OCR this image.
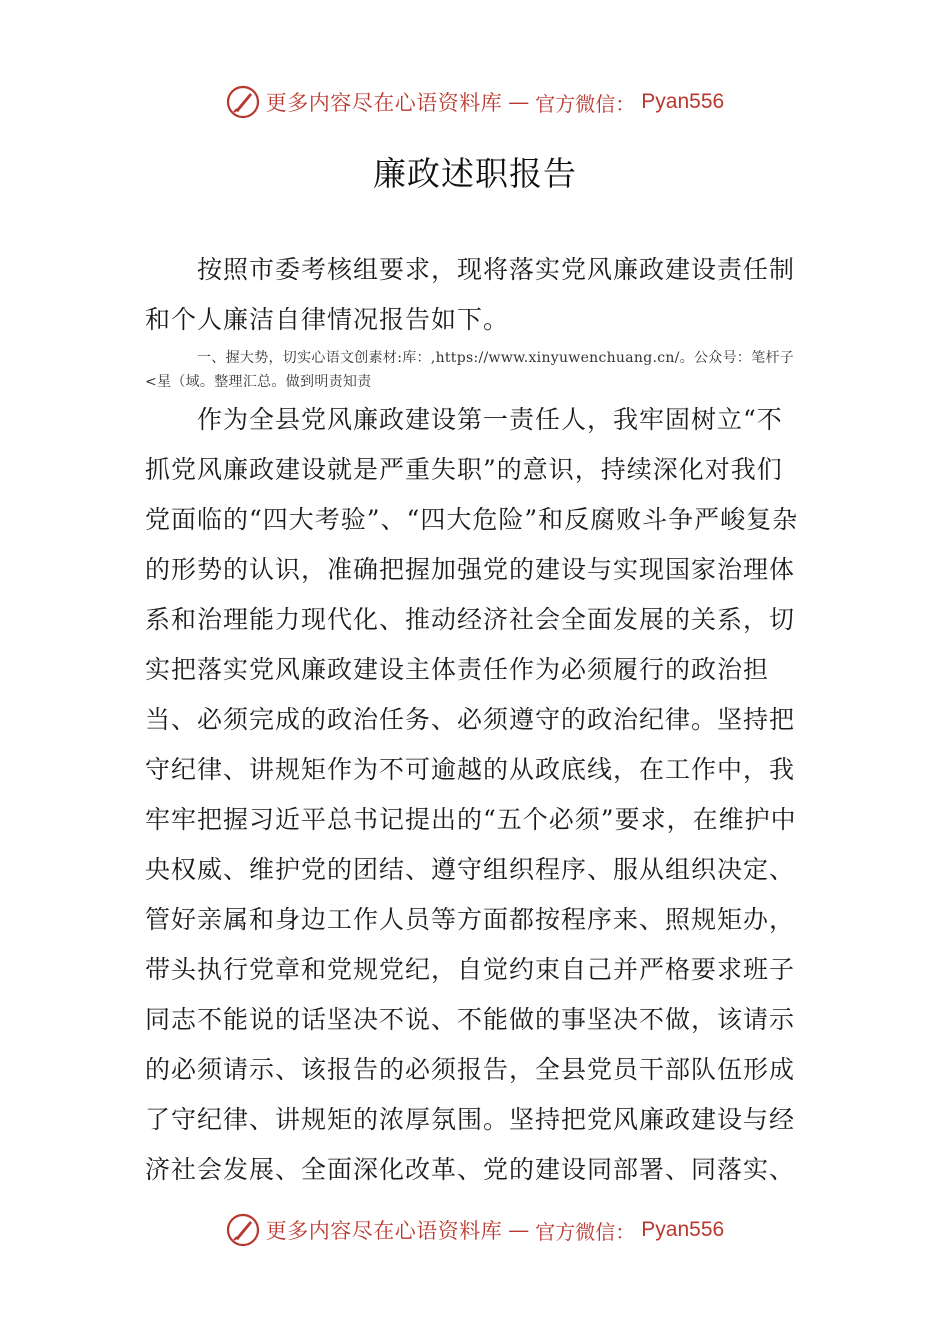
更多内容尽在心语资料库 — 官方微信： Pyan556
廉政述职报告
按照市委考核组要求，现将落实党风廉政建设责任制和个人廉洁自律情况报告如下。
一、握大势，切实心语文创素材:库：,https://www.xinyuwenchuang.cn/。公众号：笔杆子<星（域。整理汇总。做到明责知责
作为全县党风廉政建设第一责任人，我牢固树立“不抓党风廉政建设就是严重失职”的意识，持续深化对我们党面临的“四大考验”、“四大危险”和反腐败斗争严峻复杂的形势的认识，准确把握加强党的建设与实现国家治理体系和治理能力现代化、推动经济社会全面发展的关系，切实把落实党风廉政建设主体责任作为必须履行的政治担当、必须完成的政治任务、必须遵守的政治纪律。坚持把守纪律、讲规矩作为不可逾越的从政底线，在工作中，我牢牢把握习近平总书记提出的“五个必须”要求，在维护中央权威、维护党的团结、遵守组织程序、服从组织决定、管好亲属和身边工作人员等方面都按程序来、照规矩办，带头执行党章和党规党纪，自觉约束自己并严格要求班子同志不能说的话坚决不说、不能做的事坚决不做，该请示的必须请示、该报告的必须报告，全县党员干部队伍形成了守纪律、讲规矩的浓厚氛围。坚持把党风廉政建设与经济社会发展、全面深化改革、党的建设同部署、同落实、
更多内容尽在心语资料库 — 官方微信： Pyan556
